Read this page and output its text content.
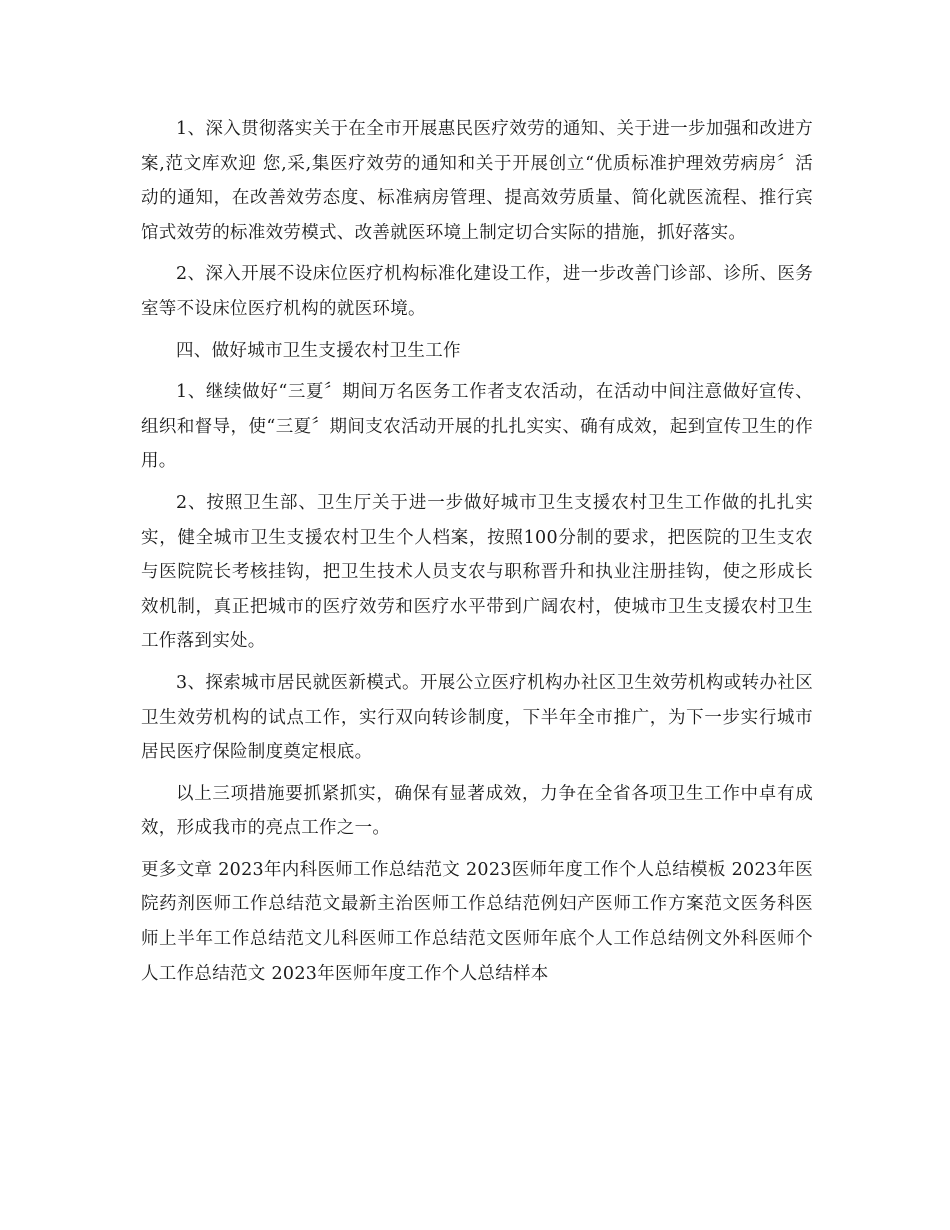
1、深入贯彻落实关于在全市开展惠民医疗效劳的通知、关于进一步加强和改进方 案,范文库欢迎 您,采,集医疗效劳的通知和关于开展创立“优质标准护理效劳病房〞活动的通知，在改善效劳态度、标准病房管理、提高效劳质量、简化就医流程、推行宾馆式效劳的标准效劳模式、改善就医环境上制定切合实际的措施，抓好落实。

2、深入开展不设床位医疗机构标准化建设工作，进一步改善门诊部、诊所、医务室等不设床位医疗机构的就医环境。

四、做好城市卫生支援农村卫生工作

1、继续做好“三夏〞期间万名医务工作者支农活动，在活动中间注意做好宣传、组织和督导，使“三夏〞期间支农活动开展的扎扎实实、确有成效，起到宣传卫生的作用。

2、按照卫生部、卫生厅关于进一步做好城市卫生支援农村卫生工作做的扎扎实实，健全城市卫生支援农村卫生个人档案，按照100分制的要求，把医院的卫生支农与医院院长考核挂钩，把卫生技术人员支农与职称晋升和执业注册挂钩，使之形成长效机制，真正把城市的医疗效劳和医疗水平带到广阔农村，使城市卫生支援农村卫生工作落到实处。

3、探索城市居民就医新模式。开展公立医疗机构办社区卫生效劳机构或转办社区卫生效劳机构的试点工作，实行双向转诊制度，下半年全市推广，为下一步实行城市居民医疗保险制度奠定根底。

以上三项措施要抓紧抓实，确保有显著成效，力争在全省各项卫生工作中卓有成效，形成我市的亮点工作之一。

更多文章 2023年内科医师工作总结范文 2023医师年度工作个人总结模板 2023年医院药剂医师工作总结范文最新主治医师工作总结范例妇产医师工作方案范文医务科医师上半年工作总结范文儿科医师工作总结范文医师年底个人工作总结例文外科医师个人工作总结范文 2023年医师年度工作个人总结样本
